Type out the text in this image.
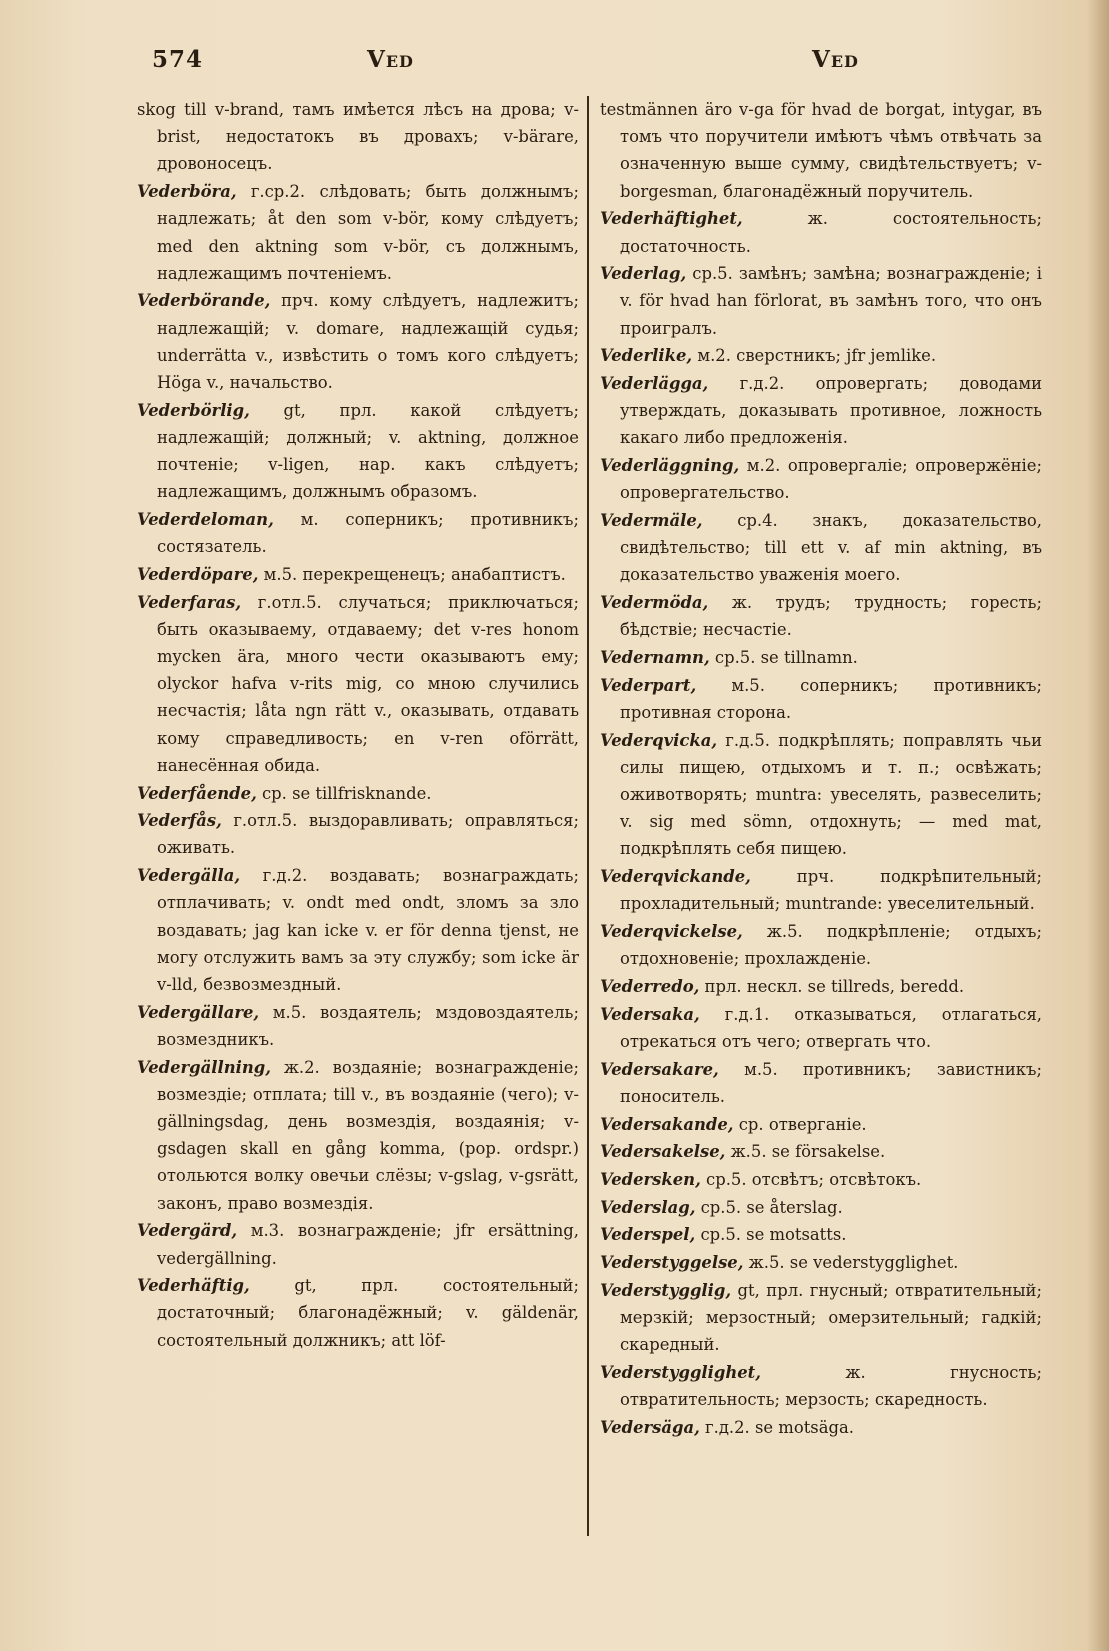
574	Ved	Ved

skog till v-brand, тамъ имѣется лѣсъ на дрова; v-brist, недостатокъ въ дровахъ; v-bärare, дровоносецъ.

Vederböra, г.ср.2. слѣдовать; быть должнымъ; надлежать; åt den som v-bör, кому слѣдуетъ; med den aktning som v-bör, съ должнымъ, надлежащимъ почтеніемъ.

Vederbörande, прч. кому слѣдуетъ, надлежитъ; надлежащій; v. domare, надлежащій судья; underrätta v., извѣстить о томъ кого слѣдуетъ; Höga v., начальство.

Vederbörlig, gt, прл. какой слѣдуетъ; надлежащій; должный; v. aktning, должное почтеніе; v-ligen, нар. какъ слѣдуетъ; надлежащимъ, должнымъ образомъ.

Vederdeloman, м. соперникъ; противникъ; состязатель.

Vederdöpare, м.5. перекрещенецъ; анабаптистъ.

Vederfaras, г.отл.5. случаться; приключаться; быть оказываему, отдаваему; det v-res honom mycken ära, много чести оказываютъ ему; olyckor hafva v-rits mig, со мною случились несчастія; låta ngn rätt v., оказывать, отдавать кому справедливость; en v-ren oförrätt, нанесённая обида.

Vederfående, ср. se tillfrisknande.

Vederfås, г.отл.5. выздоравливать; оправляться; оживать.

Vedergälla, г.д.2. воздавать; вознаграждать; отплачивать; v. ondt med ondt, зломъ за зло воздавать; jag kan icke v. er för denna tjenst, не могу отслужить вамъ за эту службу; som icke är v-lld, безвозмездный.

Vedergällare, м.5. воздаятель; мздовоздаятель; возмездникъ.

Vedergällning, ж.2. воздаяніе; вознагражденіе; возмездіе; отплата; till v., въ воздаяніе (чего); v-gällningsdag, день возмездія, воздаянія; v-gsdagen skall en gång komma, (рор. ordspr.) отольются волку овечьи слёзы; v-gslag, v-gsrätt, законъ, право возмездія.

Vedergärd, м.3. вознагражденіе; jfr ersättning, vedergällning.

Vederhäftig,	gt, прл. состоятельный; достаточный; благонадёжный; v. gäldenär, состоятельный должникъ; att löf-

testmännen äro v-ga för hvad de borgat, intygar, въ томъ что поручители имѣютъ чѣмъ отвѣчать за означенную выше сумму, свидѣтельствуетъ; v-borgesman, благонадёжный поручитель.

Vederhäftighet,	ж. состоятельность; достаточность.

Vederlag, ср.5. замѣнъ; замѣна; вознагражденіе; i v. för hvad han förlorat, въ замѣнъ того, что онъ проигралъ.

Vederlike, м.2. сверстникъ; jfr jemlike.

Vederlägga, г.д.2. опровергать; доводами утверждать, доказывать противное, ложность какаго либо предложенія.

Vederläggning, м.2. опровергаліе; опровержёніе; опровергательство.

Vedermäle, ср.4. знакъ, доказательство, свидѣтельство; till ett v. af min aktning, въ доказательство уваженія моего.

Vedermöda, ж. трудъ; трудность; горесть; бѣдствіе; несчастіе.

Vedernamn, ср.5. se tillnamn.

Vederpart, м.5. соперникъ; противникъ; противная сторона.

Vederqvicka, г.д.5. подкрѣплять; поправлять чьи силы пищею, отдыхомъ и т. п.; освѣжать; оживотворять; muntra: увеселять, развеселить; v. sig med sömn, отдохнуть; — med mat, подкрѣплять себя пищею.

Vederqvickande,	прч. подкрѣпительный; прохладительный; muntrande: увеселительный.

Vederqvickelse, ж.5. подкрѣпленіе; отдыхъ; отдохновеніе; прохлажденіе.

Vederredo, прл. нескл. se tillreds, beredd.

Vedersaka, г.д.1. отказываться, отлагаться, отрекаться отъ чего; отвергать что.

Vedersakare, м.5. противникъ; завистникъ; поноситель.

Vedersakande, ср. отверганіе.

Vedersakelse, ж.5. se försakelse.

Vedersken, ср.5. отсвѣтъ; отсвѣтокъ.

Vederslag, ср.5. se återslag.

Vederspel, ср.5. se motsatts.

Vederstyggelse, ж.5. se vederstygglighet.

Vederstygglig, gt, прл. гнусный; отвратительный; мерзкій; мерзостный; омерзительный; гадкій; скаредный.

Vederstygglighet,	ж. гнусность; отвратительность; мерзость; скаредность.

Vedersäga, г.д.2. se motsäga.
